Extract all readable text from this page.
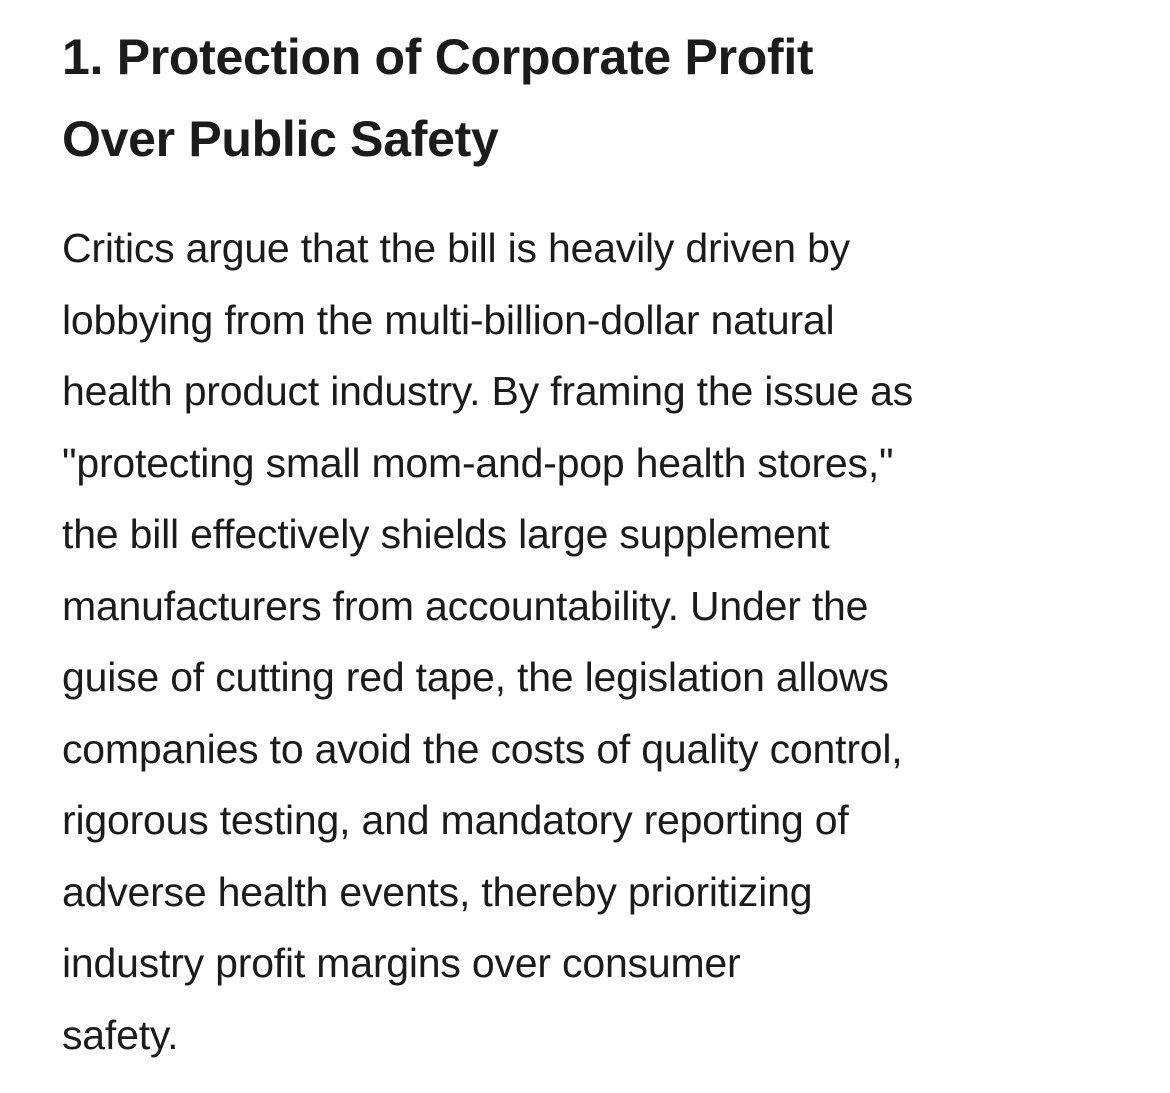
1. Protection of Corporate Profit
Over Public Safety

Critics argue that the bill is heavily driven by
lobbying from the multi-billion-dollar natural
health product industry. By framing the issue as
"protecting small mom-and-pop health stores,"
the bill effectively shields large supplement
manufacturers from accountability. Under the
guise of cutting red tape, the legislation allows
companies to avoid the costs of quality control,
rigorous testing, and mandatory reporting of
adverse health events, thereby prioritizing
industry profit margins over consumer
safety.
